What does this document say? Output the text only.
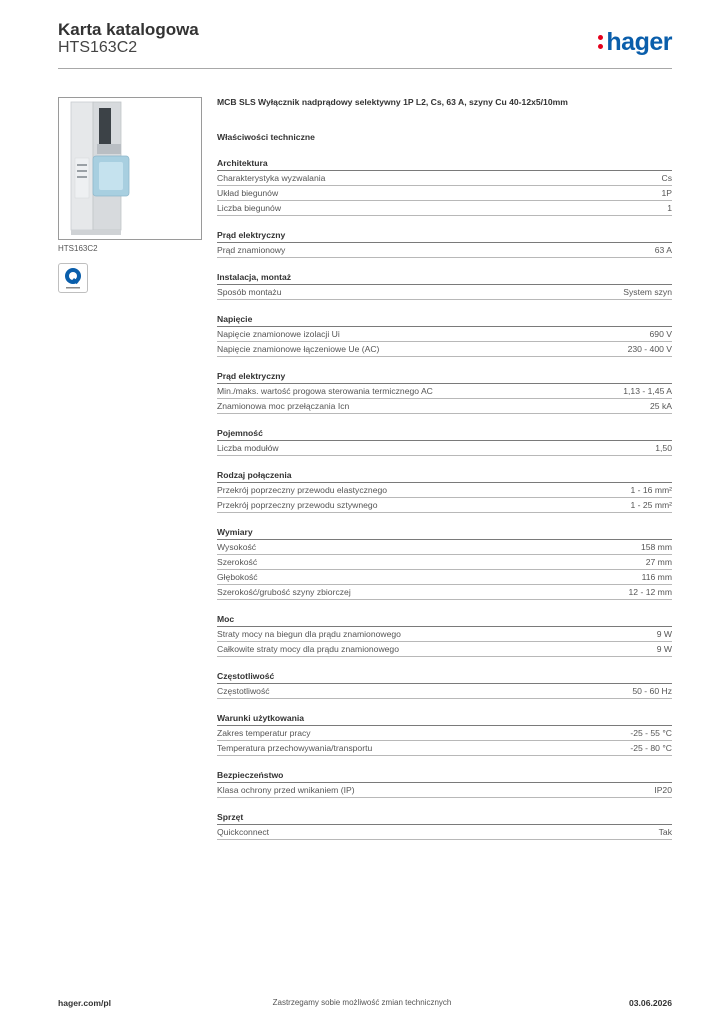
Karta katalogowa
HTS163C2	hager
HTS163C2
MCB SLS Wyłącznik nadprądowy selektywny 1P L2, Cs, 63 A, szyny Cu 40-12x5/10mm
Właściwości techniczne
Architektura
Charakterystyka wyzwalania	Cs
Układ biegunów	1P
Liczba biegunów	1
Prąd elektryczny
Prąd znamionowy	63 A
Instalacja, montaż
Sposób montażu	System szyn
Napięcie
Napięcie znamionowe izolacji Ui	690 V
Napięcie znamionowe łączeniowe Ue (AC)	230 - 400 V
Prąd elektryczny
Min./maks. wartość progowa sterowania termicznego AC	1,13 - 1,45 A
Znamionowa moc przełączania Icn	25 kA
Pojemność
Liczba modułów	1,50
Rodzaj połączenia
Przekrój poprzeczny przewodu elastycznego	1 - 16 mm²
Przekrój poprzeczny przewodu sztywnego	1 - 25 mm²
Wymiary
Wysokość	158 mm
Szerokość	27 mm
Głębokość	116 mm
Szerokość/grubość szyny zbiorczej	12 - 12 mm
Moc
Straty mocy na biegun dla prądu znamionowego	9 W
Całkowite straty mocy dla prądu znamionowego	9 W
Częstotliwość
Częstotliwość	50 - 60 Hz
Warunki użytkowania
Zakres temperatur pracy	-25 - 55 °C
Temperatura przechowywania/transportu	-25 - 80 °C
Bezpieczeństwo
Klasa ochrony przed wnikaniem (IP)	IP20
Sprzęt
Quickconnect	Tak
hager.com/pl	Zastrzegamy sobie możliwość zmian technicznych	03.06.2026
